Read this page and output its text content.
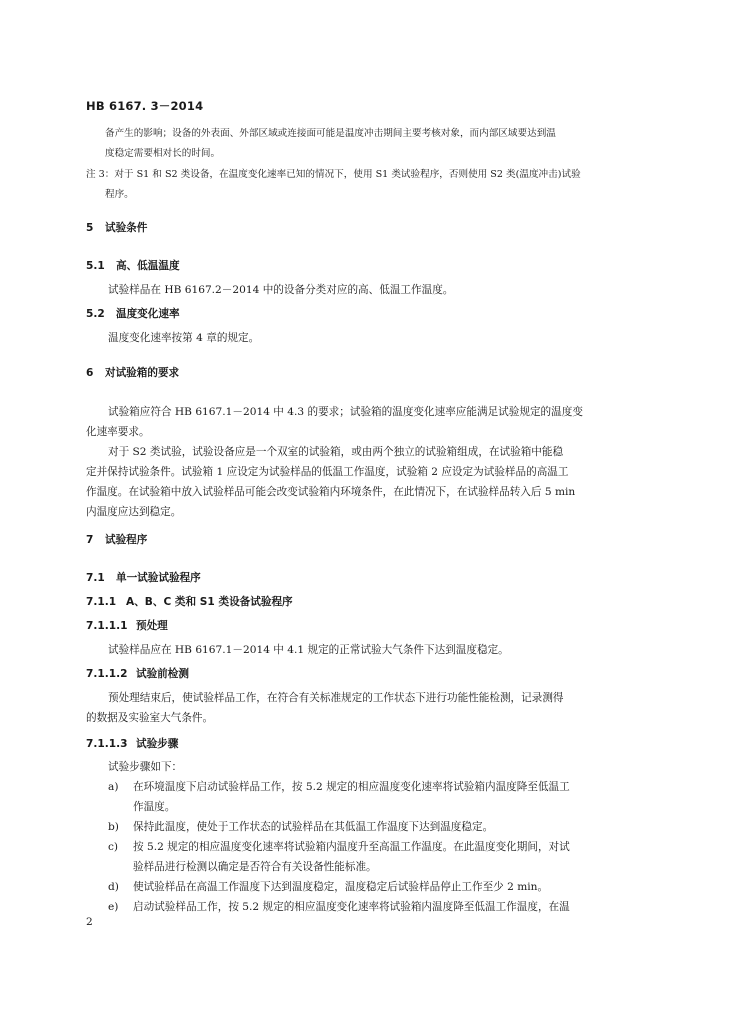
HB 6167. 3－2014
备产生的影响；设备的外表面、外部区域或连接面可能是温度冲击期间主要考核对象，而内部区域要达到温
度稳定需要相对长的时间。
注 3：对于 S1 和 S2 类设备，在温度变化速率已知的情况下，使用 S1 类试验程序，否则使用 S2 类(温度冲击)试验
程序。
5 试验条件
5.1 高、低温温度
试验样品在 HB 6167.2－2014 中的设备分类对应的高、低温工作温度。
5.2 温度变化速率
温度变化速率按第 4 章的规定。
6 对试验箱的要求
试验箱应符合 HB 6167.1－2014 中 4.3 的要求；试验箱的温度变化速率应能满足试验规定的温度变
化速率要求。
对于 S2 类试验，试验设备应是一个双室的试验箱，或由两个独立的试验箱组成，在试验箱中能稳
定并保持试验条件。试验箱 1 应设定为试验样品的低温工作温度，试验箱 2 应设定为试验样品的高温工
作温度。在试验箱中放入试验样品可能会改变试验箱内环境条件，在此情况下，在试验样品转入后 5 min
内温度应达到稳定。
7 试验程序
7.1 单一试验试验程序
7.1.1 A、B、C 类和 S1 类设备试验程序
7.1.1.1 预处理
试验样品应在 HB 6167.1－2014 中 4.1 规定的正常试验大气条件下达到温度稳定。
7.1.1.2 试验前检测
预处理结束后，使试验样品工作，在符合有关标准规定的工作状态下进行功能性能检测，记录测得
的数据及实验室大气条件。
7.1.1.3 试验步骤
试验步骤如下：
a)	在环境温度下启动试验样品工作，按 5.2 规定的相应温度变化速率将试验箱内温度降至低温工
作温度。
b)	保持此温度，使处于工作状态的试验样品在其低温工作温度下达到温度稳定。
c)	按 5.2 规定的相应温度变化速率将试验箱内温度升至高温工作温度。在此温度变化期间，对试
验样品进行检测以确定是否符合有关设备性能标准。
d)	使试验样品在高温工作温度下达到温度稳定，温度稳定后试验样品停止工作至少 2 min。
e)	启动试验样品工作，按 5.2 规定的相应温度变化速率将试验箱内温度降至低温工作温度，在温
2
